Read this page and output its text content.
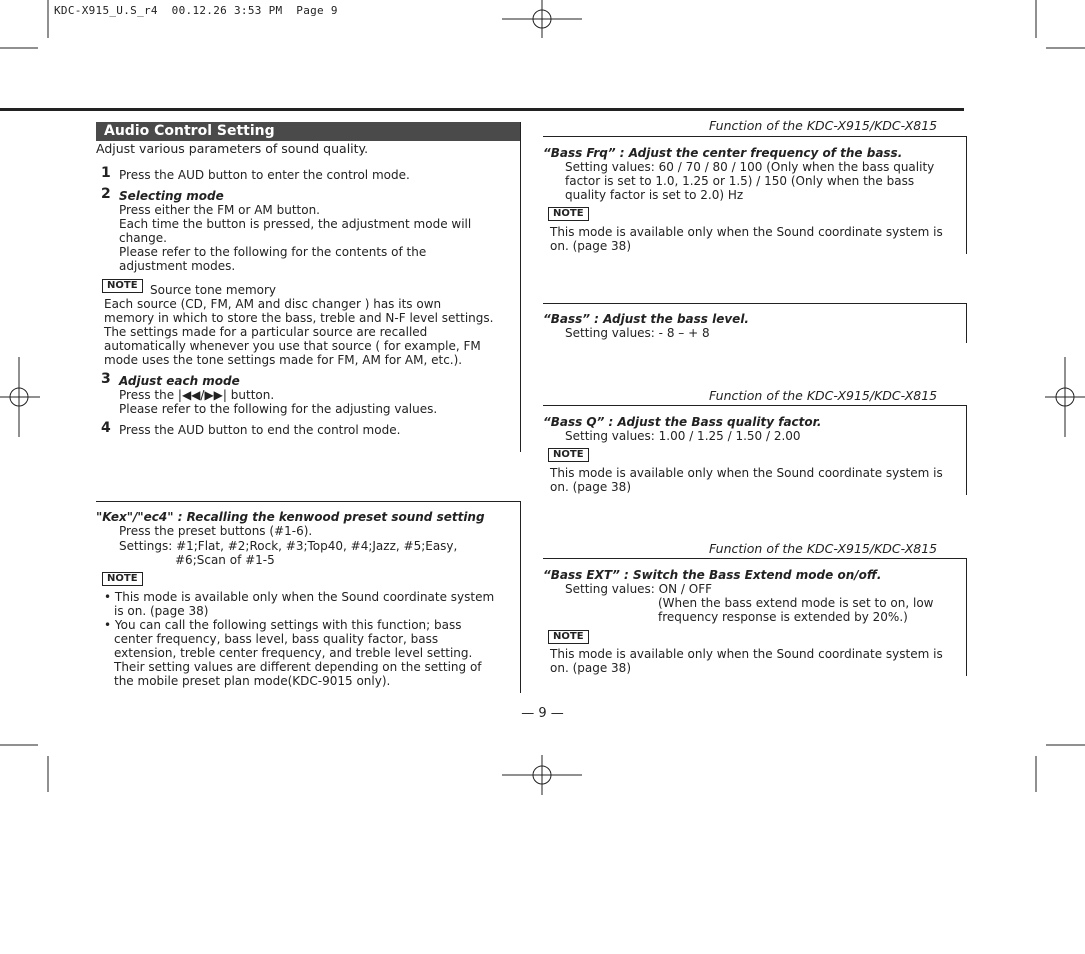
KDC-X915_U.S_r4  00.12.26 3:53 PM  Page 9
Audio Control Setting
Adjust various parameters of sound quality.
1 Press the AUD button to enter the control mode.
2 Selecting mode
Press either the FM or AM button.
Each time the button is pressed, the adjustment mode will
change.
Please refer to the following for the contents of the
adjustment modes.
NOTE	Source tone memory
Each source (CD, FM, AM and disc changer ) has its own
memory in which to store the bass, treble and N-F level settings.
The settings made for a particular source are recalled
automatically whenever you use that source ( for example, FM
mode uses the tone settings made for FM, AM for AM, etc.).
3 Adjust each mode
Press the |◀◀/▶▶| button.
Please refer to the following for the adjusting values.
4 Press the AUD button to end the control mode.
"Kex"/"ec4" : Recalling the kenwood preset sound setting
Press the preset buttons (#1-6).
Settings: #1;Flat, #2;Rock, #3;Top40, #4;Jazz, #5;Easy,
#6;Scan of #1-5
NOTE
• This mode is available only when the Sound coordinate system
is on. (page 38)
• You can call the following settings with this function; bass
center frequency, bass level, bass quality factor, bass
extension, treble center frequency, and treble level setting.
Their setting values are different depending on the setting of
the mobile preset plan mode(KDC-9015 only).
Function of the KDC-X915/KDC-X815
“Bass Frq” : Adjust the center frequency of the bass.
Setting values: 60 / 70 / 80 / 100 (Only when the bass quality
factor is set to 1.0, 1.25 or 1.5) / 150 (Only when the bass
quality factor is set to 2.0) Hz
NOTE
This mode is available only when the Sound coordinate system is
on. (page 38)
“Bass” : Adjust the bass level.
Setting values: - 8 – + 8
Function of the KDC-X915/KDC-X815
“Bass Q” : Adjust the Bass quality factor.
Setting values: 1.00 / 1.25 / 1.50 / 2.00
NOTE
This mode is available only when the Sound coordinate system is
on. (page 38)
Function of the KDC-X915/KDC-X815
“Bass EXT” : Switch the Bass Extend mode on/off.
Setting values: ON / OFF
(When the bass extend mode is set to on, low
frequency response is extended by 20%.)
NOTE
This mode is available only when the Sound coordinate system is
on. (page 38)
— 9 —
